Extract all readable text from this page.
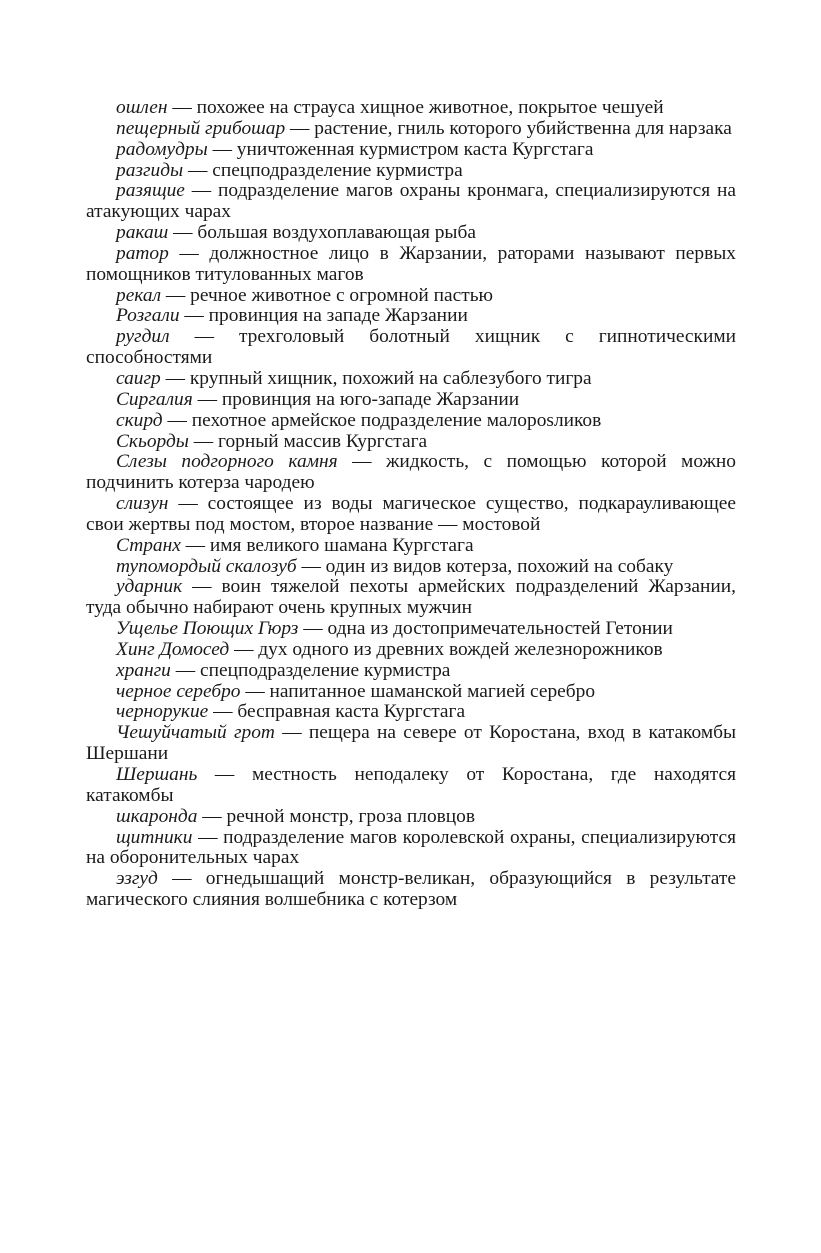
ошлен — похожее на страуса хищное животное, покрытое чешуей

пещерный грибошар — растение, гниль которого убийственна для нарзака

радомудры — уничтоженная курмистром каста Кургстага

разгиды — спецподразделение курмистра

разящие — подразделение магов охраны кронмага, специализируются на атакующих чарах

ракаш — большая воздухоплавающая рыба

ратор — должностное лицо в Жарзании, раторами называют первых помощников титулованных магов

рекал — речное животное с огромной пастью

Розгали — провинция на западе Жарзании

ругдил — трехголовый болотный хищник с гипнотическими способностями

саигр — крупный хищник, похожий на саблезубого тигра

Сиргалия — провинция на юго-западе Жарзании

скирд — пехотное армейское подразделение малорosликов

Скьорды — горный массив Кургстага

Слезы подгорного камня — жидкость, с помощью которой можно подчинить котерза чародею

слизун — состоящее из воды магическое существо, подкарауливающее свои жертвы под мостом, второе название — мостовой

Странх — имя великого шамана Кургстага

тупомордый скалозуб — один из видов котерза, похожий на собаку

ударник — воин тяжелой пехоты армейских подразделений Жарзании, туда обычно набирают очень крупных мужчин

Ущелье Поющих Гюрз — одна из достопримечательностей Гетонии

Хинг Домосед — дух одного из древних вождей железнорожников

хранги — спецподразделение курмистра

черное серебро — напитанное шаманской магией серебро

чернорукие — бесправная каста Кургстага

Чешуйчатый грот — пещера на севере от Коростана, вход в катакомбы Шершани

Шершань — местность неподалеку от Коростана, где находятся катакомбы

шкаронда — речной монстр, гроза пловцов

щитники — подразделение магов королевской охраны, специализируются на оборонительных чарах

эзгуд — огнедышащий монстр-великан, образующийся в результате магического слияния волшебника с котерзом
